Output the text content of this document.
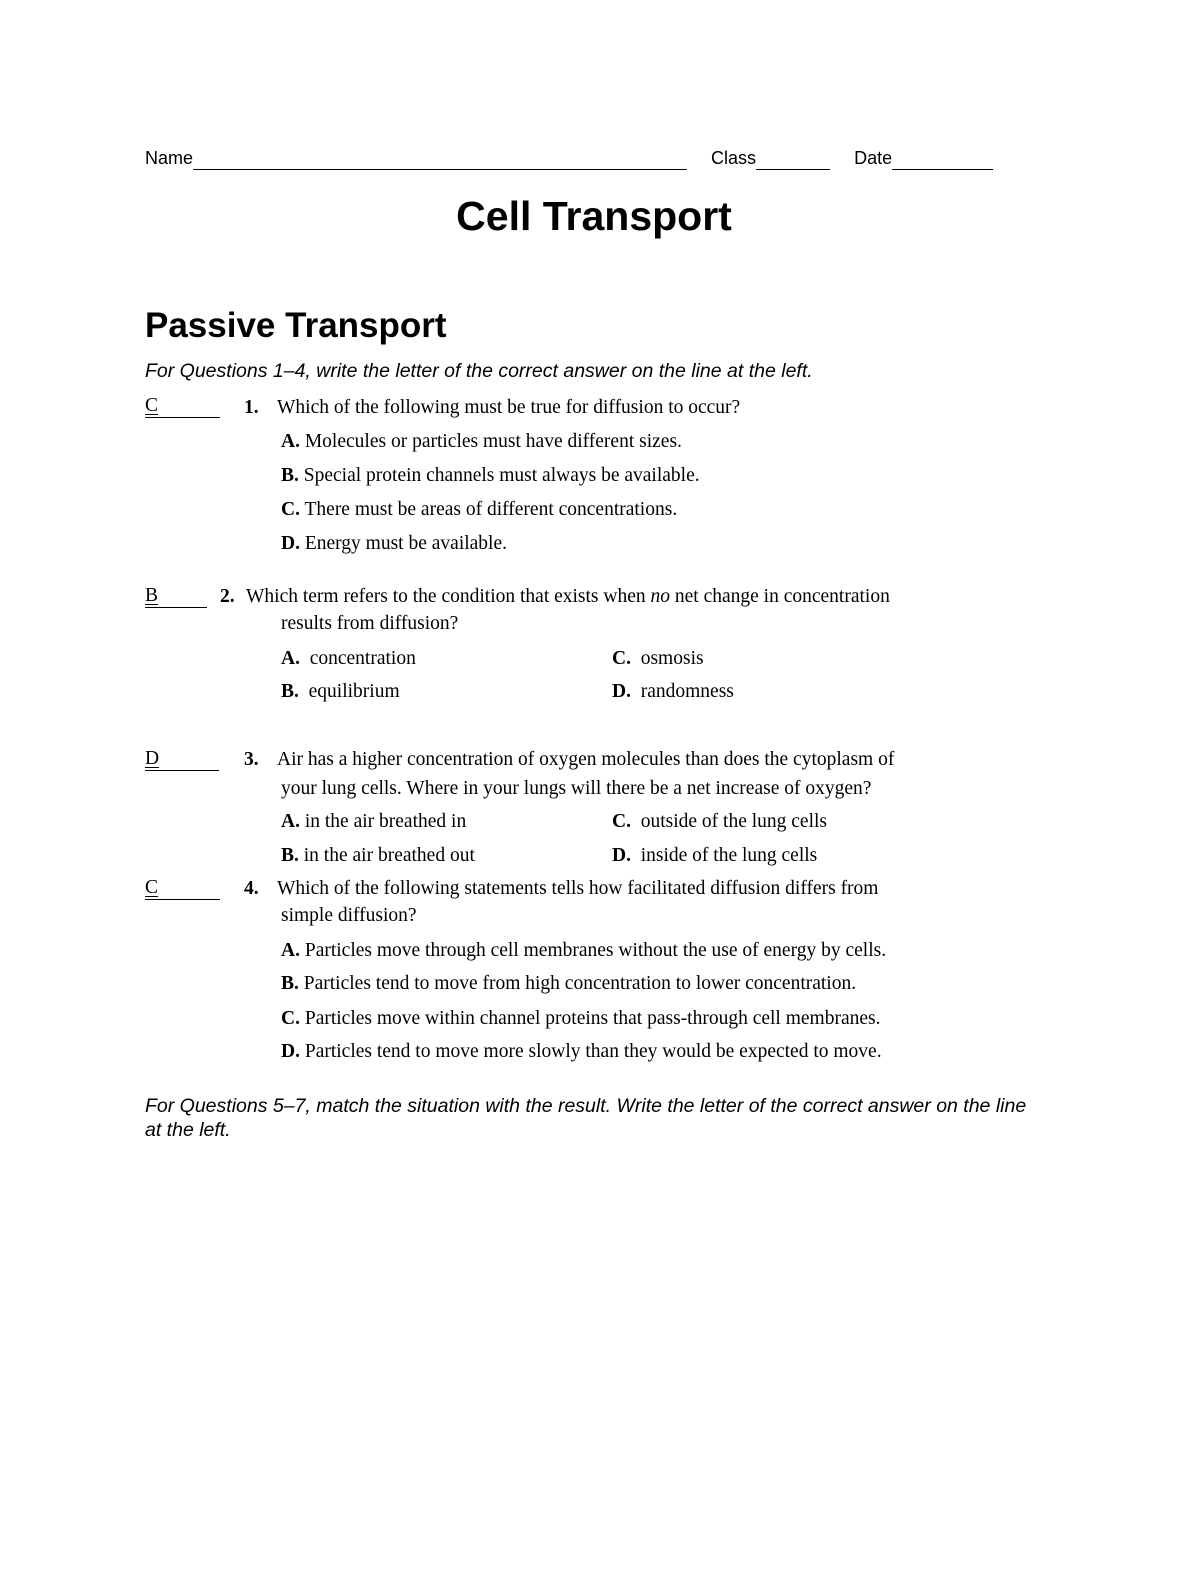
Name	Class	Date
Cell Transport
Passive Transport
For Questions 1–4, write the letter of the correct answer on the line at the left.
C	1. Which of the following must be true for diffusion to occur?
A. Molecules or particles must have different sizes.
B. Special protein channels must always be available.
C. There must be areas of different concentrations.
D. Energy must be available.
B	2. Which term refers to the condition that exists when no net change in concentration
results from diffusion?
A. concentration	C. osmosis
B. equilibrium	D. randomness
D	3. Air has a higher concentration of oxygen molecules than does the cytoplasm of
your lung cells. Where in your lungs will there be a net increase of oxygen?
A. in the air breathed in	C. outside of the lung cells
B. in the air breathed out	D. inside of the lung cells
C	4. Which of the following statements tells how facilitated diffusion differs from
simple diffusion?
A. Particles move through cell membranes without the use of energy by cells.
B. Particles tend to move from high concentration to lower concentration.
C. Particles move within channel proteins that pass-through cell membranes.
D. Particles tend to move more slowly than they would be expected to move.
For Questions 5–7, match the situation with the result. Write the letter of the correct answer on the line at the left.
